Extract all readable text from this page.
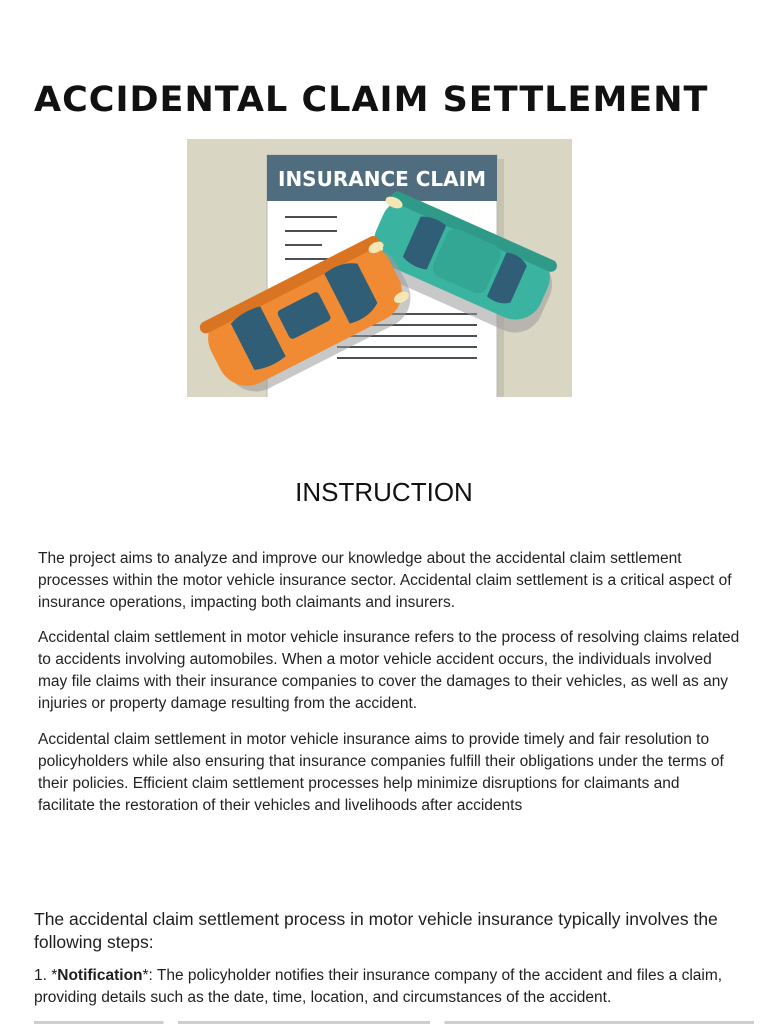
ACCIDENTAL CLAIM SETTLEMENT
INSURANCE CLAIM
INSTRUCTION

The project aims to analyze and improve our knowledge about the accidental claim settlement processes within the motor vehicle insurance sector. Accidental claim settlement is a critical aspect of insurance operations, impacting both claimants and insurers.

Accidental claim settlement in motor vehicle insurance refers to the process of resolving claims related to accidents involving automobiles. When a motor vehicle accident occurs, the individuals involved may file claims with their insurance companies to cover the damages to their vehicles, as well as any injuries or property damage resulting from the accident.

Accidental claim settlement in motor vehicle insurance aims to provide timely and fair resolution to policyholders while also ensuring that insurance companies fulfill their obligations under the terms of their policies. Efficient claim settlement processes help minimize disruptions for claimants and facilitate the restoration of their vehicles and livelihoods after accidents

The accidental claim settlement process in motor vehicle insurance typically involves the following steps:

1. *Notification*: The policyholder notifies their insurance company of the accident and files a claim, providing details such as the date, time, location, and circumstances of the accident.
